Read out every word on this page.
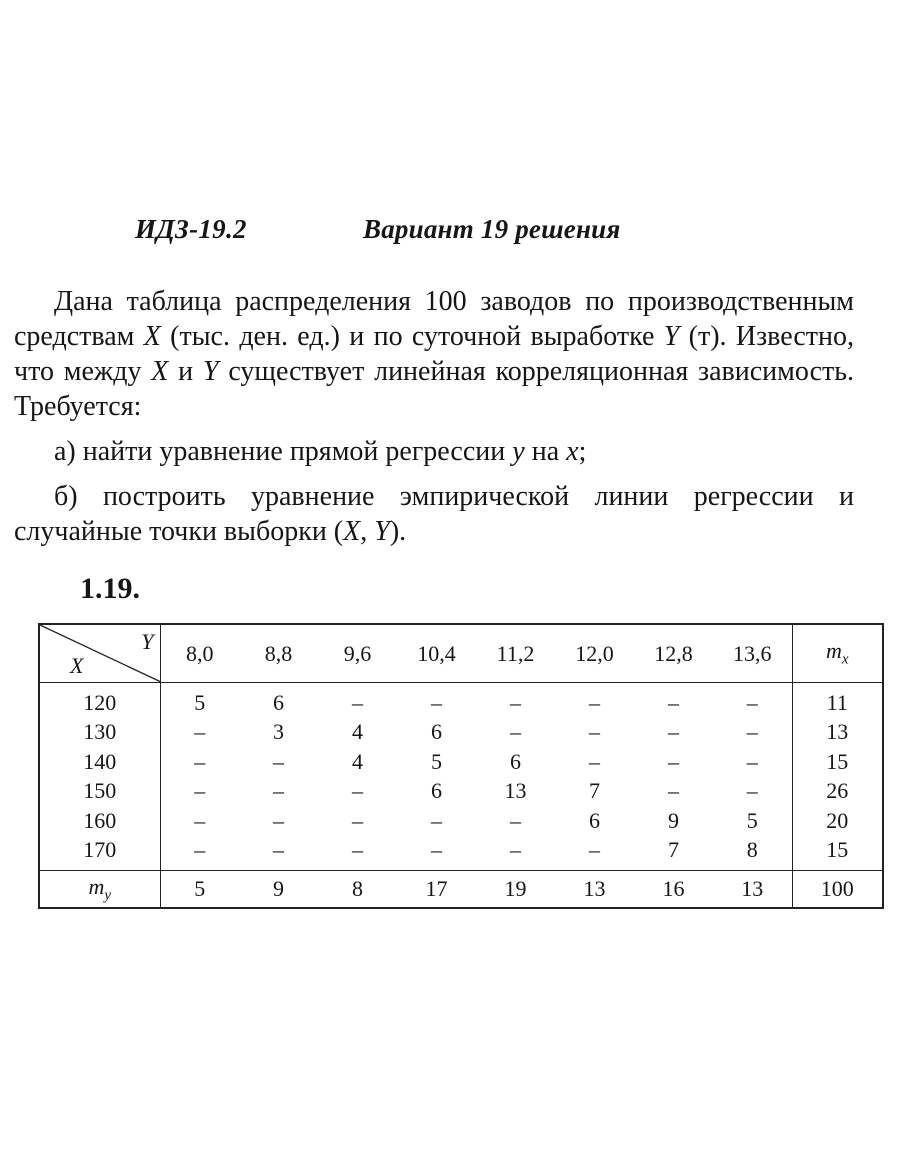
ИДЗ-19.2	Вариант 19 решения

Дана таблица распределения 100 заводов по производственным средствам X (тыс. ден. ед.) и по суточной выработке Y (т). Известно, что между X и Y существует линейная корреляционная зависимость. Требуется:

а) найти уравнение прямой регрессии y на x;

б) построить уравнение эмпирической линии регрессии и случайные точки выборки (X, Y).

1.19.
Y
X	8,0	8,8	9,6	10,4	11,2	12,0	12,8	13,6	$m_x$
120	5	6	–	–	–	–	–	–	11
130	–	3	4	6	–	–	–	–	13
140	–	–	4	5	6	–	–	–	15
150	–	–	–	6	13	7	–	–	26
160	–	–	–	–	–	6	9	5	20
170	–	–	–	–	–	–	7	8	15
$m_y$	5	9	8	17	19	13	16	13	100
